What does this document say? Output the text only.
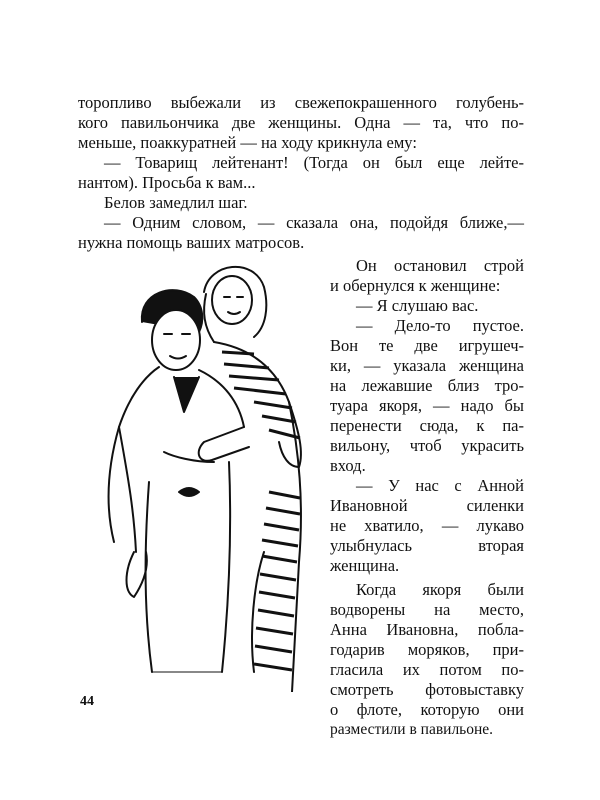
торопливо выбежали из свежепокрашенного голубень-
кого павильончика две женщины. Одна — та, что по-
меньше, поаккуратней — на ходу крикнула ему:
— Товарищ лейтенант! (Тогда он был еще лейте-
нантом). Просьба к вам...
Белов замедлил шаг.
— Одним словом, — сказала она, подойдя ближе,—
нужна помощь ваших матросов.
Он остановил строй
и обернулся к женщине:
— Я слушаю вас.
— Дело-то пустое.
Вон те две игрушеч-
ки, — указала женщина
на лежавшие близ тро-
туара якоря, — надо бы
перенести сюда, к па-
вильону, чтоб украсить
вход.
— У нас с Анной
Ивановной силенки
не хватило, — лукаво
улыбнулась вторая
женщина.
Когда якоря были
водворены на место,
Анна Ивановна, побла-
годарив моряков, при-
гласила их потом по-
смотреть фотовыставку
о флоте, которую они
разместили в павильоне.
44
